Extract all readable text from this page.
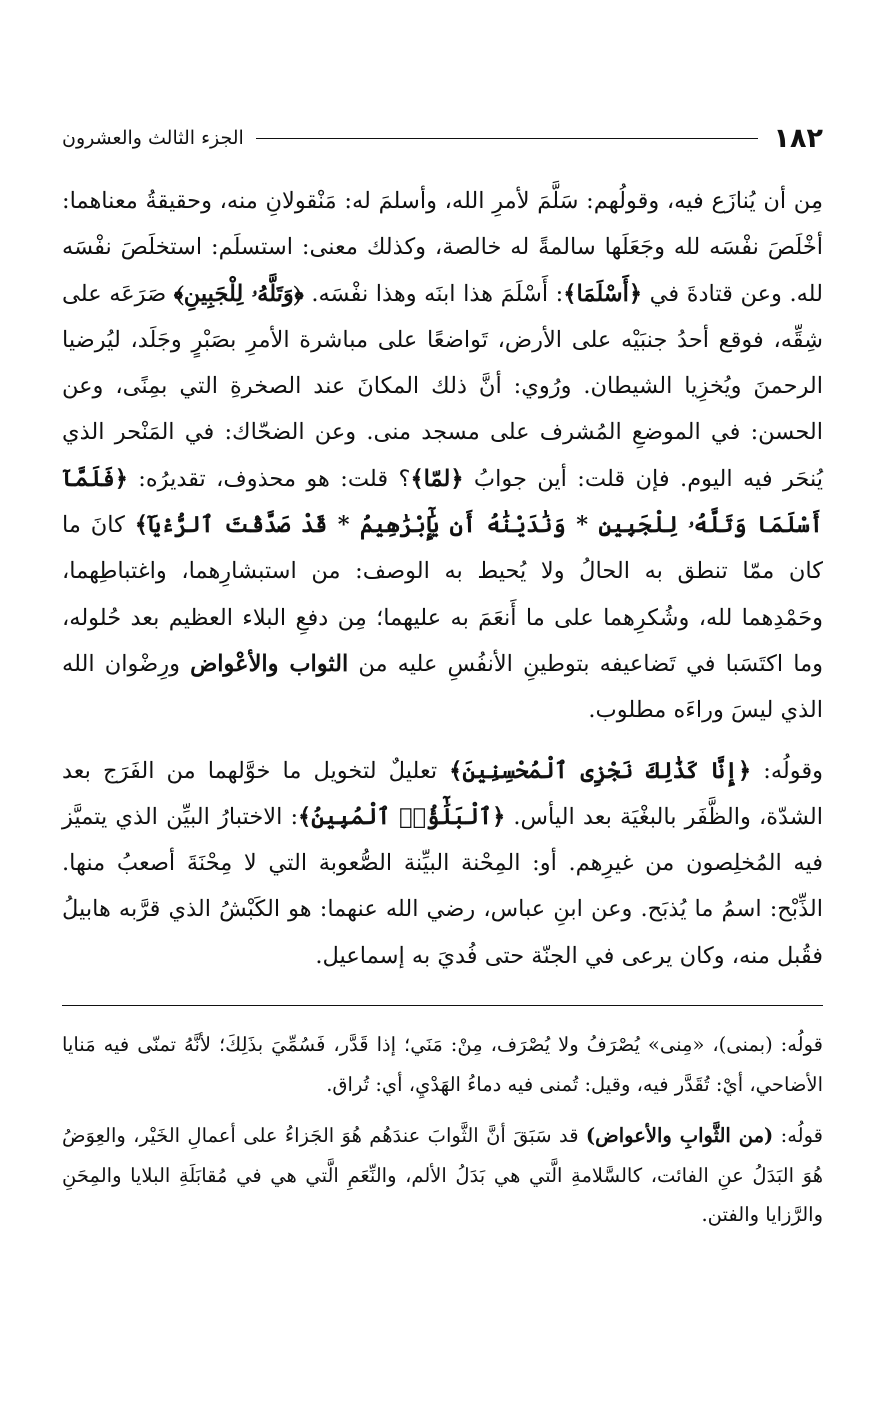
١٨٢
الجزء الثالث والعشرون

مِن أن يُنازَع فيه، وقولُهم: سَلَّمَ لأمرِ الله، وأسلمَ له: مَنْقولانِ منه، وحقيقةُ معناهما: أخْلَصَ نفْسَه لله وجَعَلَها سالمةً له خالصة، وكذلك معنى: استسلَم: استخلَصَ نفْسَه لله. وعن قتادةَ في ﴿أَسْلَمَا﴾: أَسْلَمَ هذا ابنَه وهذا نفْسَه. ﴿وَتَلَّهُۥ لِلْجَبِينِ﴾ صَرَعَه على شِقِّه، فوقع أحدُ جنبَيْه على الأرض، تَواضعًا على مباشرة الأمرِ بصَبْرٍ وجَلَد، ليُرضيا الرحمنَ ويُخزِيا الشيطان. ورُوي: أنَّ ذلك المكانَ عند الصخرةِ التي بمِنًى، وعن الحسن: في الموضعِ المُشرف على مسجد منى. وعن الضحّاك: في المَنْحر الذي يُنحَر فيه اليوم. فإن قلت: أين جوابُ ﴿لمّا﴾؟ قلت: هو محذوف، تقديرُه: ﴿فَلَمَّآ أَسْلَمَا وَتَلَّهُۥ لِلْجَبِينِ * وَنَٰدَيْنَٰهُ أَن يَٰٓإِبْرَٰهِيمُ * قَدْ صَدَّقْتَ ٱلرُّءْيَآ﴾ كانَ ما كان ممّا تنطق به الحالُ ولا يُحيط به الوصف: من استبشارِهما، واغتباطِهما، وحَمْدِهما لله، وشُكرِهما على ما أَنعَمَ به عليهما؛ مِن دفعِ البلاء العظيم بعد حُلوله، وما اكتَسَبا في تَضاعيفه بتوطينِ الأنفُسِ عليه من الثواب والأعْواض ورِضْوان الله الذي ليسَ وراءَه مطلوب.

وقولُه: ﴿إِنَّا كَذَٰلِكَ نَجْزِى ٱلْمُحْسِنِينَ﴾ تعليلٌ لتخويل ما خوَّلهما من الفَرَج بعد الشدّة، والظَّفَر بالبغْيَة بعد اليأس. ﴿ٱلْبَلَٰٓؤُا۟ ٱلْمُبِينُ﴾: الاختبارُ البيِّن الذي يتميَّز فيه المُخلِصون من غيرِهم. أو: المِحْنة البيِّنة الصُّعوبة التي لا مِحْنَةَ أصعبُ منها. الذِّبْح: اسمُ ما يُذبَح. وعن ابنِ عباس، رضي الله عنهما: هو الكَبْشُ الذي قرَّبه هابيلُ فقُبل منه، وكان يرعى في الجنّة حتى فُديَ به إسماعيل.

قولُه: (بمنى)، «مِنى» يُصْرَفُ ولا يُصْرَف، مِنْ: مَنَي؛ إذا قَدَّر، فَسُمِّيَ بذَلِكَ؛ لأنَّهُ تمنّى فيه مَنايا الأضاحي، أيْ: تُقَدَّر فيه، وقيل: تُمنى فيه دماءُ الهَدْيِ، أي: تُراق.

قولُه: (من الثَّوابِ والأعواض) قد سَبَقَ أنَّ الثَّوابَ عندَهُم هُوَ الجَزاءُ على أعمالِ الخَيْر، والعِوَضُ هُوَ البَدَلُ عنِ الفائت، كالسَّلامةِ الَّتي هي بَدَلُ الألم، والنِّعَمِ الَّتي هي في مُقابَلَةِ البلايا والمِحَنِ والرَّزايا والفتن.
